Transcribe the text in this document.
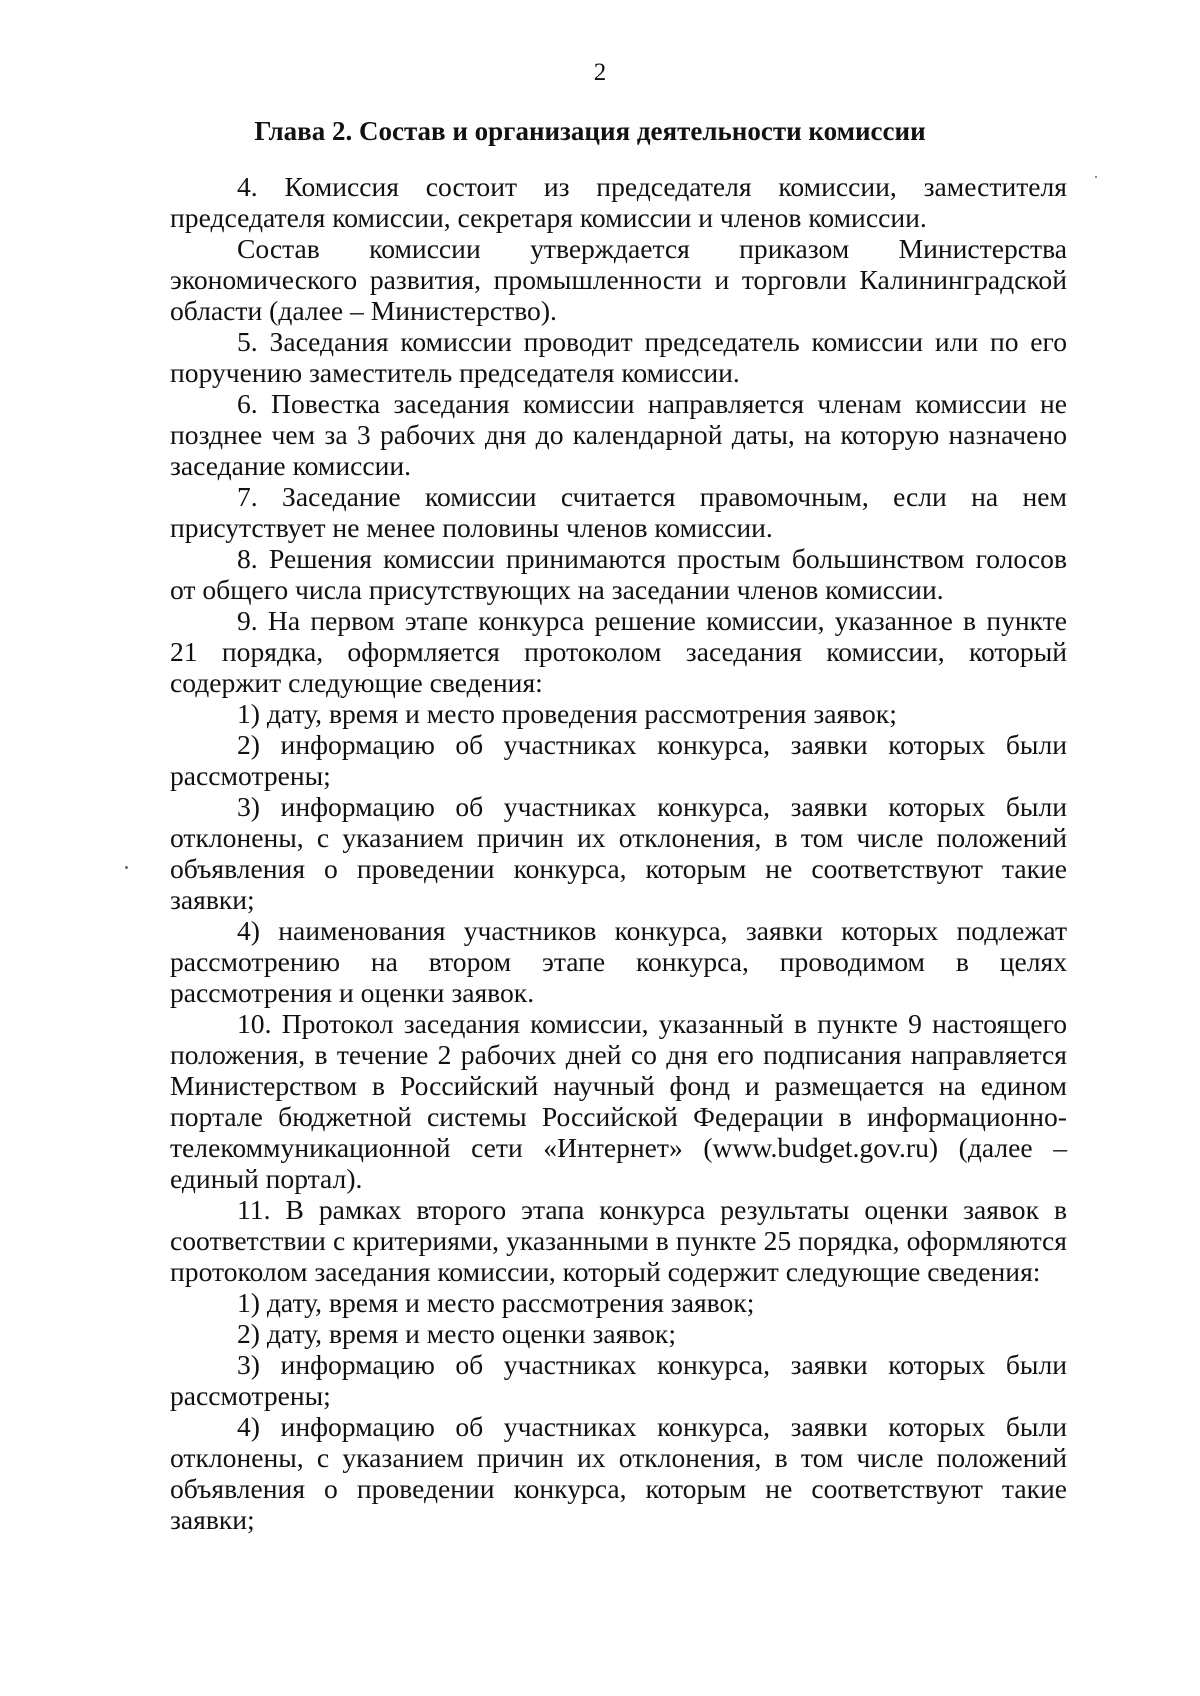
2
Глава 2. Состав и организация деятельности комиссии

4. Комиссия состоит из председателя комиссии, заместителя председателя комиссии, секретаря комиссии и членов комиссии.

Состав комиссии утверждается приказом Министерства экономического развития, промышленности и торговли Калининградской области (далее – Министерство).

5. Заседания комиссии проводит председатель комиссии или по его поручению заместитель председателя комиссии.

6. Повестка заседания комиссии направляется членам комиссии не позднее чем за 3 рабочих дня до календарной даты, на которую назначено заседание комиссии.

7. Заседание комиссии считается правомочным, если на нем присутствует не менее половины членов комиссии.

8. Решения комиссии принимаются простым большинством голосов от общего числа присутствующих на заседании членов комиссии.

9. На первом этапе конкурса решение комиссии, указанное в пункте 21 порядка, оформляется протоколом заседания комиссии, который содержит следующие сведения:

1) дату, время и место проведения рассмотрения заявок;

2) информацию об участниках конкурса, заявки которых были рассмотрены;

3) информацию об участниках конкурса, заявки которых были отклонены, с указанием причин их отклонения, в том числе положений объявления о проведении конкурса, которым не соответствуют такие заявки;

4) наименования участников конкурса, заявки которых подлежат рассмотрению на втором этапе конкурса, проводимом в целях рассмотрения и оценки заявок.

10. Протокол заседания комиссии, указанный в пункте 9 настоящего положения, в течение 2 рабочих дней со дня его подписания направляется Министерством в Российский научный фонд и размещается на едином портале бюджетной системы Российской Федерации в информационно-телекоммуникационной сети «Интернет» (www.budget.gov.ru) (далее – единый портал).

11. В рамках второго этапа конкурса результаты оценки заявок в соответствии с критериями, указанными в пункте 25 порядка, оформляются протоколом заседания комиссии, который содержит следующие сведения:

1) дату, время и место рассмотрения заявок;

2) дату, время и место оценки заявок;

3) информацию об участниках конкурса, заявки которых были рассмотрены;

4) информацию об участниках конкурса, заявки которых были отклонены, с указанием причин их отклонения, в том числе положений объявления о проведении конкурса, которым не соответствуют такие заявки;
